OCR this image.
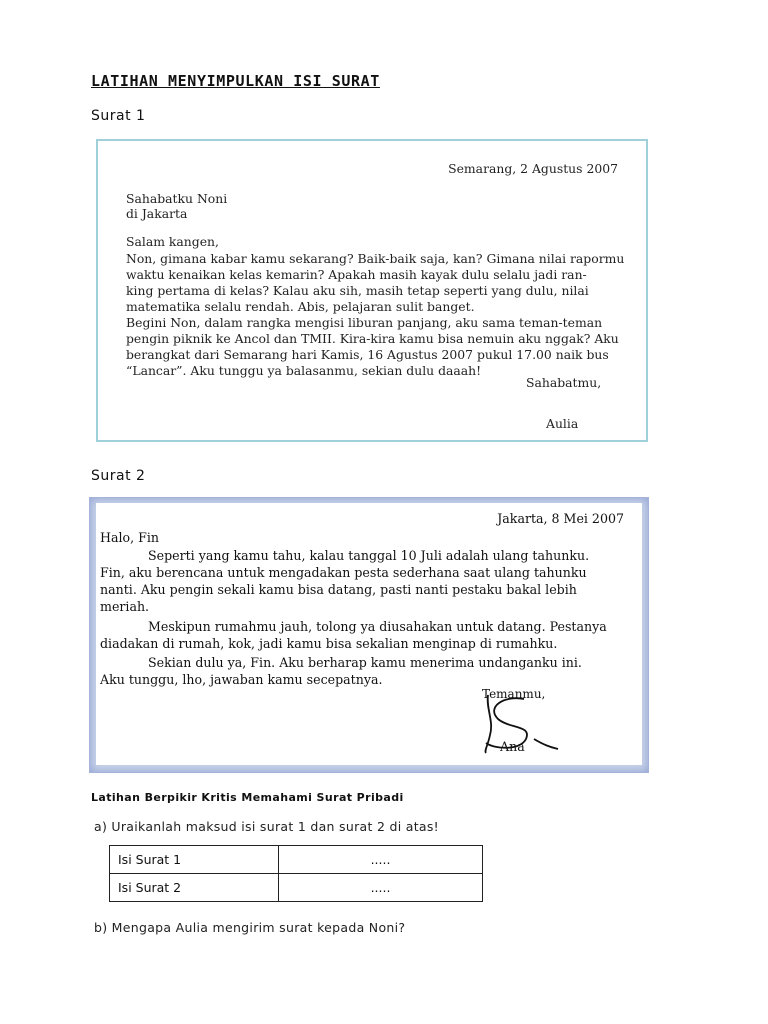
LATIHAN MENYIMPULKAN ISI SURAT
Surat 1
Semarang, 2 Agustus 2007
Sahabatku Noni
di Jakarta
Salam kangen,
Non, gimana kabar kamu sekarang? Baik-baik saja, kan? Gimana nilai rapormu
waktu kenaikan kelas kemarin? Apakah masih kayak dulu selalu jadi ran-
king pertama di kelas? Kalau aku sih, masih tetap seperti yang dulu, nilai
matematika selalu rendah. Abis, pelajaran sulit banget.
Begini Non, dalam rangka mengisi liburan panjang, aku sama teman-teman
pengin piknik ke Ancol dan TMII. Kira-kira kamu bisa nemuin aku nggak? Aku
berangkat dari Semarang hari Kamis, 16 Agustus 2007 pukul 17.00 naik bus
“Lancar”. Aku tunggu ya balasanmu, sekian dulu daaah!
Sahabatmu,
Aulia
Surat 2
Jakarta, 8 Mei 2007
Halo, Fin
Seperti yang kamu tahu, kalau tanggal 10 Juli adalah ulang tahunku.
Fin, aku berencana untuk mengadakan pesta sederhana saat ulang tahunku
nanti. Aku pengin sekali kamu bisa datang, pasti nanti pestaku bakal lebih
meriah.
Meskipun rumahmu jauh, tolong ya diusahakan untuk datang. Pestanya
diadakan di rumah, kok, jadi kamu bisa sekalian menginap di rumahku.
Sekian dulu ya, Fin. Aku berharap kamu menerima undanganku ini.
Aku tunggu, lho, jawaban kamu secepatnya.
Temanmu,
Ana
Latihan Berpikir Kritis Memahami Surat Pribadi
a) Uraikanlah maksud isi surat 1 dan surat 2 di atas!
Isi Surat 1	.....
Isi Surat 2	.....
b) Mengapa Aulia mengirim surat kepada Noni?
